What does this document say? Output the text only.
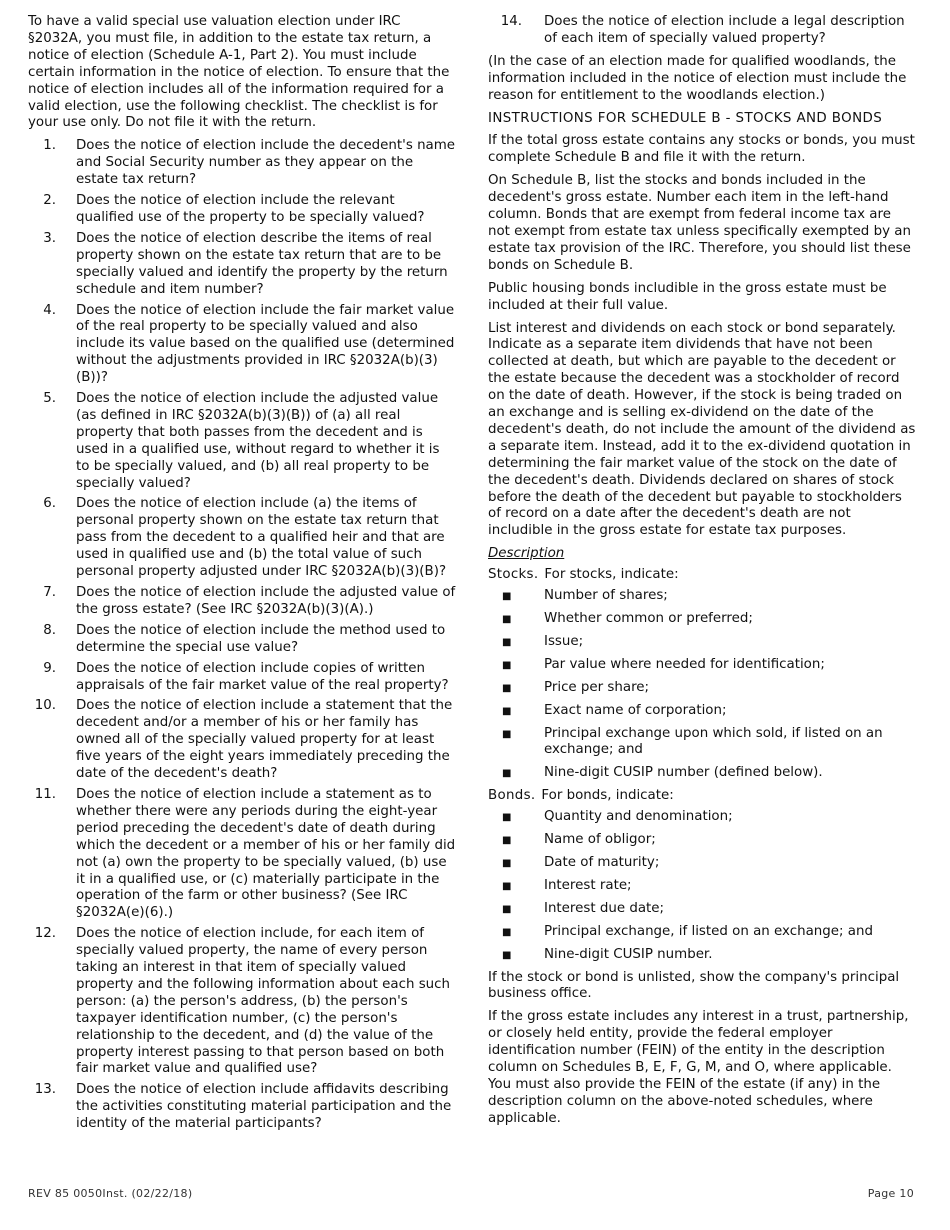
To have a valid special use valuation election under IRC §2032A, you must file, in addition to the estate tax return, a notice of election (Schedule A-1, Part 2). You must include certain information in the notice of election. To ensure that the notice of election includes all of the information required for a valid election, use the following checklist. The checklist is for your use only. Do not file it with the return.

1. Does the notice of election include the decedent's name and Social Security number as they appear on the estate tax return?
2. Does the notice of election include the relevant qualified use of the property to be specially valued?
3. Does the notice of election describe the items of real property shown on the estate tax return that are to be specially valued and identify the property by the return schedule and item number?
4. Does the notice of election include the fair market value of the real property to be specially valued and also include its value based on the qualified use (determined without the adjustments provided in IRC §2032A(b)(3)(B))?
5. Does the notice of election include the adjusted value (as defined in IRC §2032A(b)(3)(B)) of (a) all real property that both passes from the decedent and is used in a qualified use, without regard to whether it is to be specially valued, and (b) all real property to be specially valued?
6. Does the notice of election include (a) the items of personal property shown on the estate tax return that pass from the decedent to a qualified heir and that are used in qualified use and (b) the total value of such personal property adjusted under IRC §2032A(b)(3)(B)?
7. Does the notice of election include the adjusted value of the gross estate? (See IRC §2032A(b)(3)(A).)
8. Does the notice of election include the method used to determine the special use value?
9. Does the notice of election include copies of written appraisals of the fair market value of the real property?
10. Does the notice of election include a statement that the decedent and/or a member of his or her family has owned all of the specially valued property for at least five years of the eight years immediately preceding the date of the decedent's death?
11. Does the notice of election include a statement as to whether there were any periods during the eight-year period preceding the decedent's date of death during which the decedent or a member of his or her family did not (a) own the property to be specially valued, (b) use it in a qualified use, or (c) materially participate in the operation of the farm or other business? (See IRC §2032A(e)(6).)
12. Does the notice of election include, for each item of specially valued property, the name of every person taking an interest in that item of specially valued property and the following information about each such person: (a) the person's address, (b) the person's taxpayer identification number, (c) the person's relationship to the decedent, and (d) the value of the property interest passing to that person based on both fair market value and qualified use?
13. Does the notice of election include affidavits describing the activities constituting material participation and the identity of the material participants?
14. Does the notice of election include a legal description of each item of specially valued property?

(In the case of an election made for qualified woodlands, the information included in the notice of election must include the reason for entitlement to the woodlands election.)

INSTRUCTIONS FOR SCHEDULE B - STOCKS AND BONDS

If the total gross estate contains any stocks or bonds, you must complete Schedule B and file it with the return.

On Schedule B, list the stocks and bonds included in the decedent's gross estate. Number each item in the left-hand column. Bonds that are exempt from federal income tax are not exempt from estate tax unless specifically exempted by an estate tax provision of the IRC. Therefore, you should list these bonds on Schedule B.

Public housing bonds includible in the gross estate must be included at their full value.

List interest and dividends on each stock or bond separately. Indicate as a separate item dividends that have not been collected at death, but which are payable to the decedent or the estate because the decedent was a stockholder of record on the date of death. However, if the stock is being traded on an exchange and is selling ex-dividend on the date of the decedent's death, do not include the amount of the dividend as a separate item. Instead, add it to the ex-dividend quotation in determining the fair market value of the stock on the date of the decedent's death. Dividends declared on shares of stock before the death of the decedent but payable to stockholders of record on a date after the decedent's death are not includible in the gross estate for estate tax purposes.

Description
Stocks. For stocks, indicate:
■ Number of shares;
■ Whether common or preferred;
■ Issue;
■ Par value where needed for identification;
■ Price per share;
■ Exact name of corporation;
■ Principal exchange upon which sold, if listed on an exchange; and
■ Nine-digit CUSIP number (defined below).
Bonds. For bonds, indicate:
■ Quantity and denomination;
■ Name of obligor;
■ Date of maturity;
■ Interest rate;
■ Interest due date;
■ Principal exchange, if listed on an exchange; and
■ Nine-digit CUSIP number.

If the stock or bond is unlisted, show the company's principal business office.

If the gross estate includes any interest in a trust, partnership, or closely held entity, provide the federal employer identification number (FEIN) of the entity in the description column on Schedules B, E, F, G, M, and O, where applicable. You must also provide the FEIN of the estate (if any) in the description column on the above-noted schedules, where applicable.

REV 85 0050Inst. (02/22/18)	Page 10
